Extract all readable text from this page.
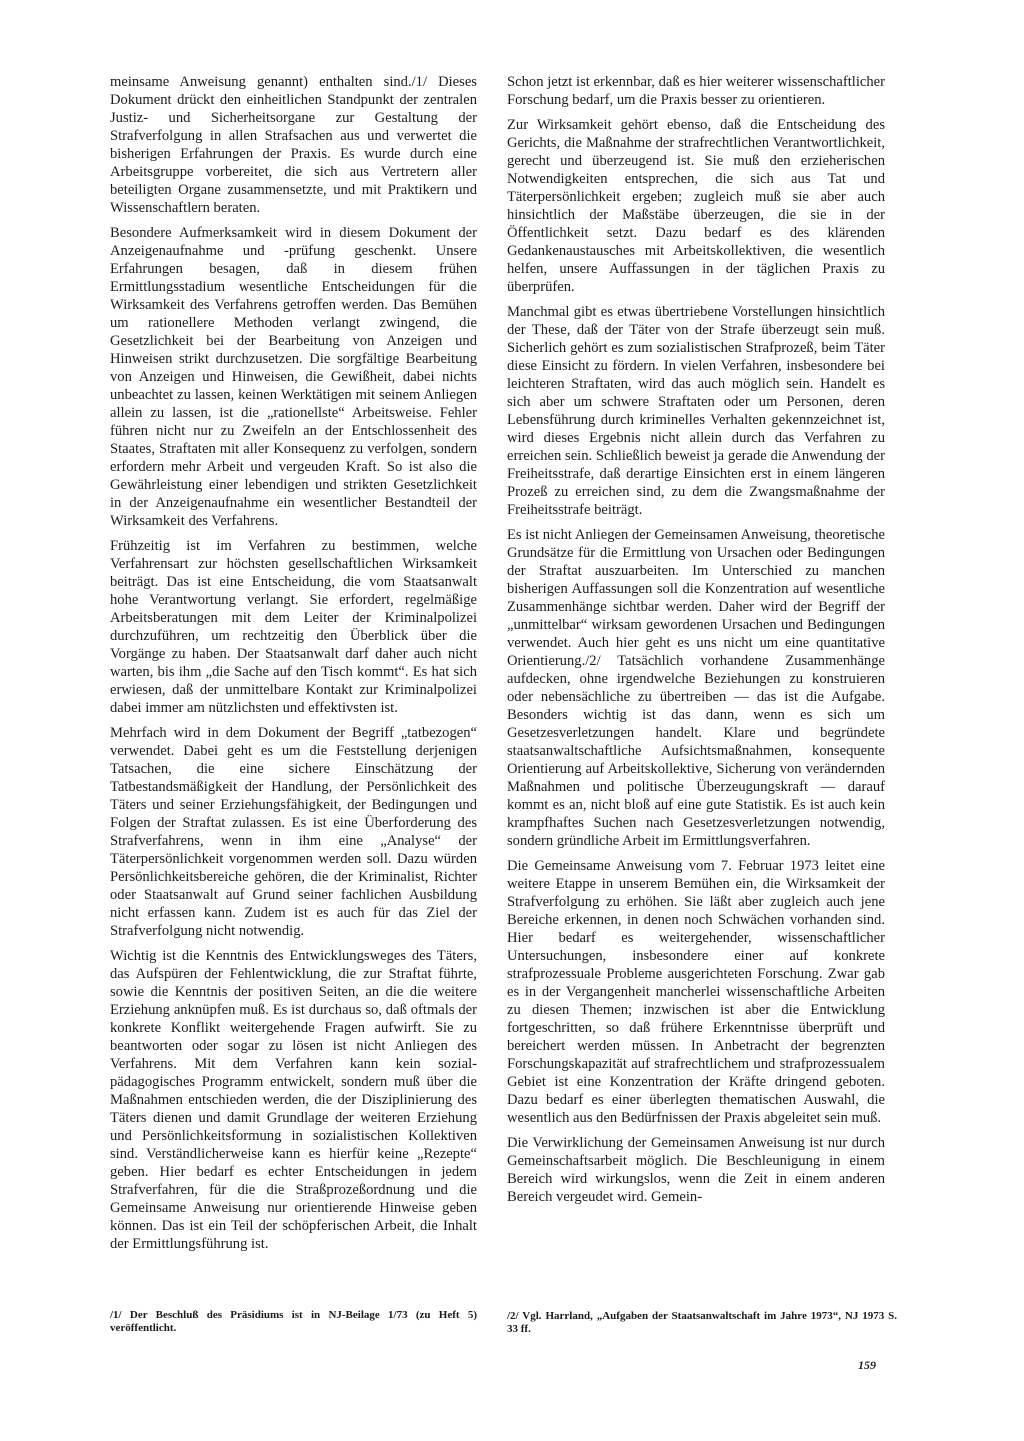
meinsame Anweisung genannt) enthalten sind./1/ Dieses Dokument drückt den einheitlichen Standpunkt der zentralen Justiz- und Sicherheitsorgane zur Gestaltung der Strafverfolgung in allen Strafsachen aus und verwertet die bisherigen Erfahrungen der Praxis. Es wurde durch eine Arbeitsgruppe vorbereitet, die sich aus Vertretern aller beteiligten Organe zusammensetzte, und mit Praktikern und Wissenschaftlern beraten.

Besondere Aufmerksamkeit wird in diesem Dokument der Anzeigenaufnahme und -prüfung geschenkt. Unsere Erfahrungen besagen, daß in diesem frühen Ermittlungsstadium wesentliche Entscheidungen für die Wirksamkeit des Verfahrens getroffen werden. Das Bemühen um rationellere Methoden verlangt zwingend, die Gesetzlichkeit bei der Bearbeitung von Anzeigen und Hinweisen strikt durchzusetzen. Die sorgfältige Bearbeitung von Anzeigen und Hinweisen, die Gewißheit, dabei nichts unbeachtet zu lassen, keinen Werktätigen mit seinem Anliegen allein zu lassen, ist die „rationellste“ Arbeitsweise. Fehler führen nicht nur zu Zweifeln an der Entschlossenheit des Staates, Straftaten mit aller Konsequenz zu verfolgen, sondern erfordern mehr Arbeit und vergeuden Kraft. So ist also die Gewährleistung einer lebendigen und strikten Gesetzlichkeit in der Anzeigenaufnahme ein wesentlicher Bestandteil der Wirksamkeit des Verfahrens.

Frühzeitig ist im Verfahren zu bestimmen, welche Verfahrensart zur höchsten gesellschaftlichen Wirksamkeit beiträgt. Das ist eine Entscheidung, die vom Staatsanwalt hohe Verantwortung verlangt. Sie erfordert, regelmäßige Arbeitsberatungen mit dem Leiter der Kriminalpolizei durchzuführen, um rechtzeitig den Überblick über die Vorgänge zu haben. Der Staatsanwalt darf daher auch nicht warten, bis ihm „die Sache auf den Tisch kommt“. Es hat sich erwiesen, daß der unmittelbare Kontakt zur Kriminalpolizei dabei immer am nützlichsten und effektivsten ist.

Mehrfach wird in dem Dokument der Begriff „tatbezogen“ verwendet. Dabei geht es um die Feststellung derjenigen Tatsachen, die eine sichere Einschätzung der Tatbestandsmäßigkeit der Handlung, der Persönlichkeit des Täters und seiner Erziehungsfähigkeit, der Bedingungen und Folgen der Straftat zulassen. Es ist eine Überforderung des Strafverfahrens, wenn in ihm eine „Analyse“ der Täterpersönlichkeit vorgenommen werden soll. Dazu würden Persönlichkeitsbereiche gehören, die der Kriminalist, Richter oder Staatsanwalt auf Grund seiner fachlichen Ausbildung nicht erfassen kann. Zudem ist es auch für das Ziel der Strafverfolgung nicht notwendig.

Wichtig ist die Kenntnis des Entwicklungsweges des Täters, das Aufspüren der Fehlentwicklung, die zur Straftat führte, sowie die Kenntnis der positiven Seiten, an die die weitere Erziehung anknüpfen muß. Es ist durchaus so, daß oftmals der konkrete Konflikt weitergehende Fragen aufwirft. Sie zu beantworten oder sogar zu lösen ist nicht Anliegen des Verfahrens. Mit dem Verfahren kann kein sozial-pädagogisches Programm entwickelt, sondern muß über die Maßnahmen entschieden werden, die der Disziplinierung des Täters dienen und damit Grundlage der weiteren Erziehung und Persönlichkeitsformung in sozialistischen Kollektiven sind. Verständlicherweise kann es hierfür keine „Rezepte“ geben. Hier bedarf es echter Entscheidungen in jedem Strafverfahren, für die die Straßprozeßordnung und die Gemeinsame Anweisung nur orientierende Hinweise geben können. Das ist ein Teil der schöpferischen Arbeit, die Inhalt der Ermittlungsführung ist.

Schon jetzt ist erkennbar, daß es hier weiterer wissenschaftlicher Forschung bedarf, um die Praxis besser zu orientieren.

Zur Wirksamkeit gehört ebenso, daß die Entscheidung des Gerichts, die Maßnahme der strafrechtlichen Verantwortlichkeit, gerecht und überzeugend ist. Sie muß den erzieherischen Notwendigkeiten entsprechen, die sich aus Tat und Täterpersönlichkeit ergeben; zugleich muß sie aber auch hinsichtlich der Maßstäbe überzeugen, die sie in der Öffentlichkeit setzt. Dazu bedarf es des klärenden Gedankenaustausches mit Arbeitskollektiven, die wesentlich helfen, unsere Auffassungen in der täglichen Praxis zu überprüfen.

Manchmal gibt es etwas übertriebene Vorstellungen hinsichtlich der These, daß der Täter von der Strafe überzeugt sein muß. Sicherlich gehört es zum sozialistischen Strafprozeß, beim Täter diese Einsicht zu fördern. In vielen Verfahren, insbesondere bei leichteren Straftaten, wird das auch möglich sein. Handelt es sich aber um schwere Straftaten oder um Personen, deren Lebensführung durch kriminelles Verhalten gekennzeichnet ist, wird dieses Ergebnis nicht allein durch das Verfahren zu erreichen sein. Schließlich beweist ja gerade die Anwendung der Freiheitsstrafe, daß derartige Einsichten erst in einem längeren Prozeß zu erreichen sind, zu dem die Zwangsmaßnahme der Freiheitsstrafe beiträgt.

Es ist nicht Anliegen der Gemeinsamen Anweisung, theoretische Grundsätze für die Ermittlung von Ursachen oder Bedingungen der Straftat auszuarbeiten. Im Unterschied zu manchen bisherigen Auffassungen soll die Konzentration auf wesentliche Zusammenhänge sichtbar werden. Daher wird der Begriff der „unmittelbar“ wirksam gewordenen Ursachen und Bedingungen verwendet. Auch hier geht es uns nicht um eine quantitative Orientierung./2/ Tatsächlich vorhandene Zusammenhänge aufdecken, ohne irgendwelche Beziehungen zu konstruieren oder nebensächliche zu übertreiben — das ist die Aufgabe. Besonders wichtig ist das dann, wenn es sich um Gesetzesverletzungen handelt. Klare und begründete staatsanwaltschaftliche Aufsichtsmaßnahmen, konsequente Orientierung auf Arbeitskollektive, Sicherung von verändernden Maßnahmen und politische Überzeugungskraft — darauf kommt es an, nicht bloß auf eine gute Statistik. Es ist auch kein krampfhaftes Suchen nach Gesetzesverletzungen notwendig, sondern gründliche Arbeit im Ermittlungsverfahren.

Die Gemeinsame Anweisung vom 7. Februar 1973 leitet eine weitere Etappe in unserem Bemühen ein, die Wirksamkeit der Strafverfolgung zu erhöhen. Sie läßt aber zugleich auch jene Bereiche erkennen, in denen noch Schwächen vorhanden sind. Hier bedarf es weitergehender, wissenschaftlicher Untersuchungen, insbesondere einer auf konkrete strafprozessuale Probleme ausgerichteten Forschung. Zwar gab es in der Vergangenheit mancherlei wissenschaftliche Arbeiten zu diesen Themen; inzwischen ist aber die Entwicklung fortgeschritten, so daß frühere Erkenntnisse überprüft und bereichert werden müssen. In Anbetracht der begrenzten Forschungskapazität auf strafrechtlichem und strafprozessualem Gebiet ist eine Konzentration der Kräfte dringend geboten. Dazu bedarf es einer überlegten thematischen Auswahl, die wesentlich aus den Bedürfnissen der Praxis abgeleitet sein muß.

Die Verwirklichung der Gemeinsamen Anweisung ist nur durch Gemeinschaftsarbeit möglich. Die Beschleunigung in einem Bereich wird wirkungslos, wenn die Zeit in einem anderen Bereich vergeudet wird. Gemein-

/1/ Der Beschluß des Präsidiums ist in NJ-Beilage 1/73 (zu Heft 5) veröffentlicht.
/2/ Vgl. Harrland, „Aufgaben der Staatsanwaltschaft im Jahre 1973“, NJ 1973 S. 33 ff.
159
